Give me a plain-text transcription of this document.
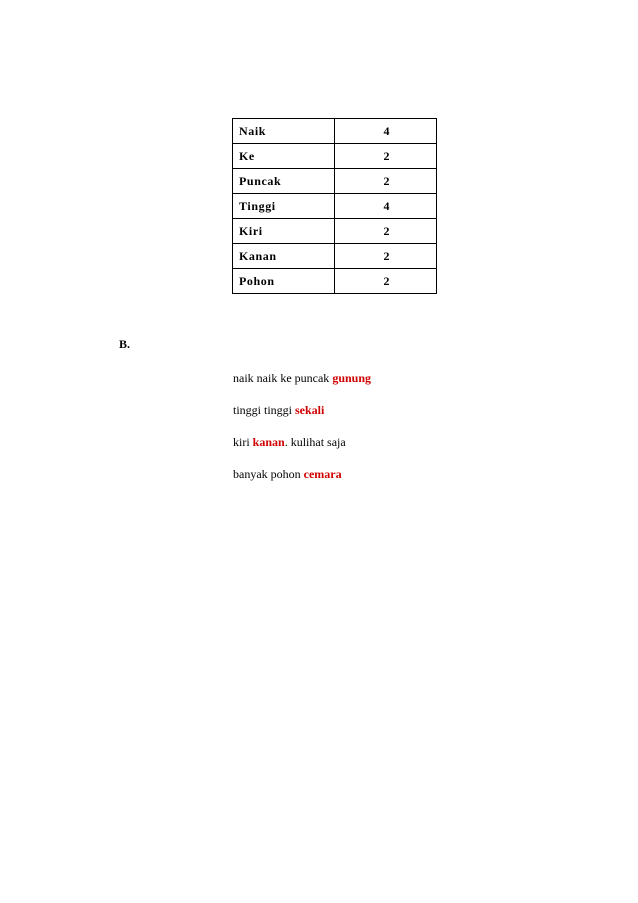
Naik	4
Ke	2
Puncak	2
Tinggi	4
Kiri	2
Kanan	2
Pohon	2
B.
naik naik ke puncak gunung
tinggi tinggi sekali
kiri kanan. kulihat saja
banyak pohon cemara
